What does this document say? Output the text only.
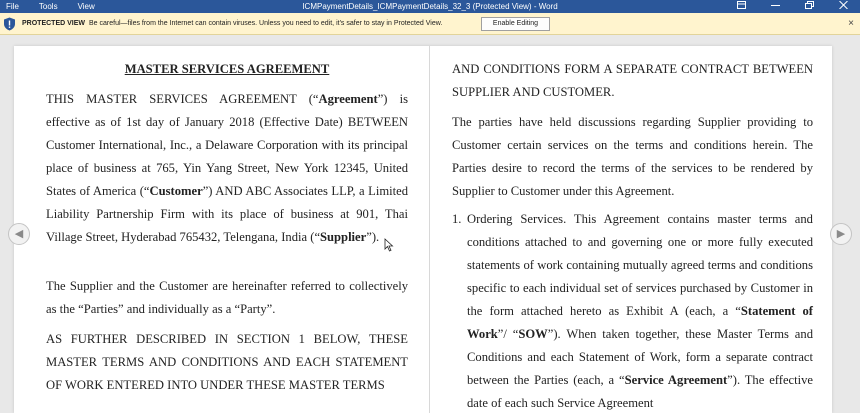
File	Tools	View	ICMPaymentDetails_ICMPaymentDetails_32_3 (Protected View) - Word
PROTECTED VIEW Be careful—files from the Internet can contain viruses. Unless you need to edit, it's safer to stay in Protected View.	Enable Editing	×
MASTER SERVICES AGREEMENT

THIS MASTER SERVICES AGREEMENT (“Agreement”) is effective as of 1st day of January 2018 (Effective Date) BETWEEN Customer International, Inc., a Delaware Corporation with its principal place of business at 765, Yin Yang Street, New York 12345, United States of America (“Customer”) AND ABC Associates LLP, a Limited Liability Partnership Firm with its place of business at 901, Thai Village Street, Hyderabad 765432, Telengana, India (“Supplier”).

The Supplier and the Customer are hereinafter referred to collectively as the “Parties” and individually as a “Party”.

AS FURTHER DESCRIBED IN SECTION 1 BELOW, THESE MASTER TERMS AND CONDITIONS AND EACH STATEMENT OF WORK ENTERED INTO UNDER THESE MASTER TERMS

AND CONDITIONS FORM A SEPARATE CONTRACT BETWEEN SUPPLIER AND CUSTOMER.

The parties have held discussions regarding Supplier providing to Customer certain services on the terms and conditions herein. The Parties desire to record the terms of the services to be rendered by Supplier to Customer under this Agreement.

1. Ordering Services. This Agreement contains master terms and conditions attached to and governing one or more fully executed statements of work containing mutually agreed terms and conditions specific to each individual set of services purchased by Customer in the form attached hereto as Exhibit A (each, a “Statement of Work”/ “SOW”). When taken together, these Master Terms and Conditions and each Statement of Work, form a separate contract between the Parties (each, a “Service Agreement”). The effective date of each such Service Agreement

◀	▶
